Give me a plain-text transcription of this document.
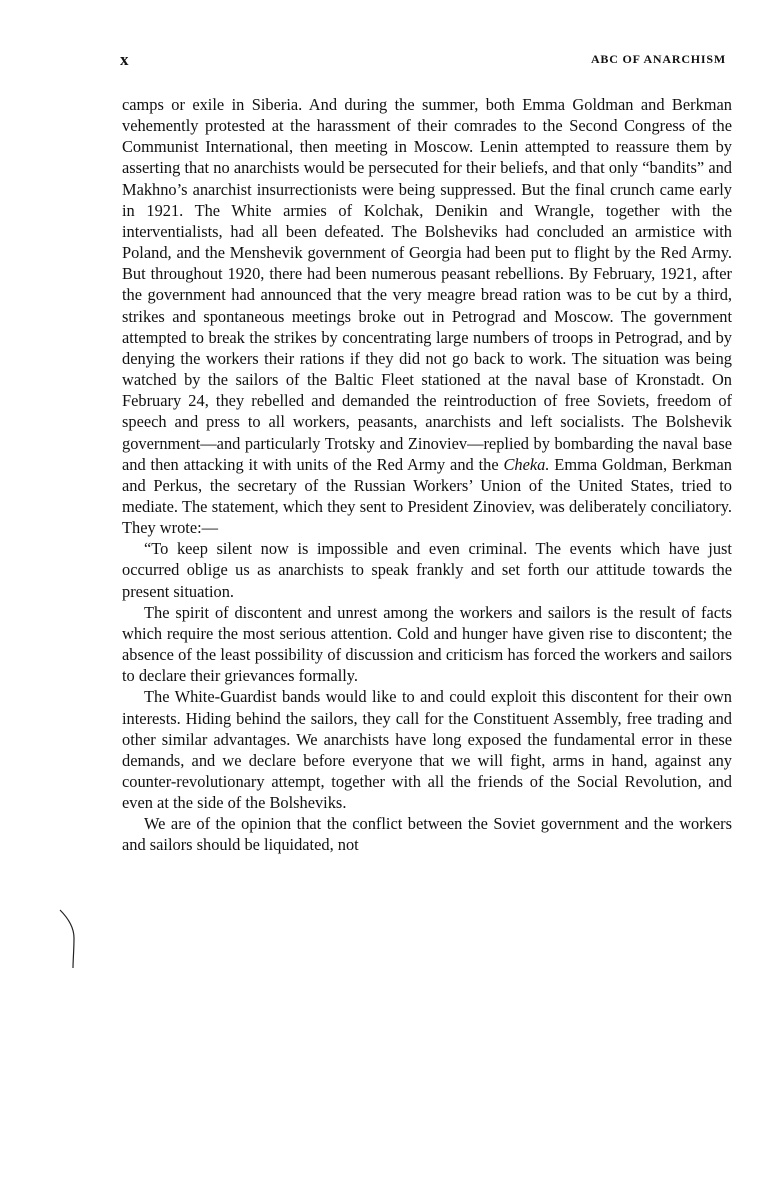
x	ABC OF ANARCHISM

camps or exile in Siberia. And during the summer, both Emma Goldman and Berkman vehemently protested at the harassment of their comrades to the Second Congress of the Communist International, then meeting in Moscow. Lenin attempted to reassure them by asserting that no anarchists would be persecuted for their beliefs, and that only “bandits” and Makhno’s anarchist insurrectionists were being suppressed. But the final crunch came early in 1921. The White armies of Kolchak, Denikin and Wrangle, together with the interventialists, had all been defeated. The Bolsheviks had concluded an armistice with Poland, and the Menshevik government of Georgia had been put to flight by the Red Army. But throughout 1920, there had been numerous peasant rebellions. By February, 1921, after the government had announced that the very meagre bread ration was to be cut by a third, strikes and spontaneous meetings broke out in Petrograd and Moscow. The government attempted to break the strikes by concentrating large numbers of troops in Petrograd, and by denying the workers their rations if they did not go back to work. The situation was being watched by the sailors of the Baltic Fleet stationed at the naval base of Kronstadt. On February 24, they rebelled and demanded the reintroduction of free Soviets, freedom of speech and press to all workers, peasants, anarchists and left socialists. The Bolshevik government—and particularly Trotsky and Zinoviev—replied by bombarding the naval base and then attacking it with units of the Red Army and the Cheka. Emma Goldman, Berkman and Perkus, the secretary of the Russian Workers’ Union of the United States, tried to mediate. The statement, which they sent to President Zinoviev, was deliberately conciliatory. They wrote:—

“To keep silent now is impossible and even criminal. The events which have just occurred oblige us as anarchists to speak frankly and set forth our attitude towards the present situation.

The spirit of discontent and unrest among the workers and sailors is the result of facts which require the most serious attention. Cold and hunger have given rise to discontent; the absence of the least possibility of discussion and criticism has forced the workers and sailors to declare their grievances formally.

The White-Guardist bands would like to and could exploit this discontent for their own interests. Hiding behind the sailors, they call for the Constituent Assembly, free trading and other similar advantages. We anarchists have long exposed the fundamental error in these demands, and we declare before everyone that we will fight, arms in hand, against any counter-revolutionary attempt, together with all the friends of the Social Revolution, and even at the side of the Bolsheviks.

We are of the opinion that the conflict between the Soviet government and the workers and sailors should be liquidated, not
